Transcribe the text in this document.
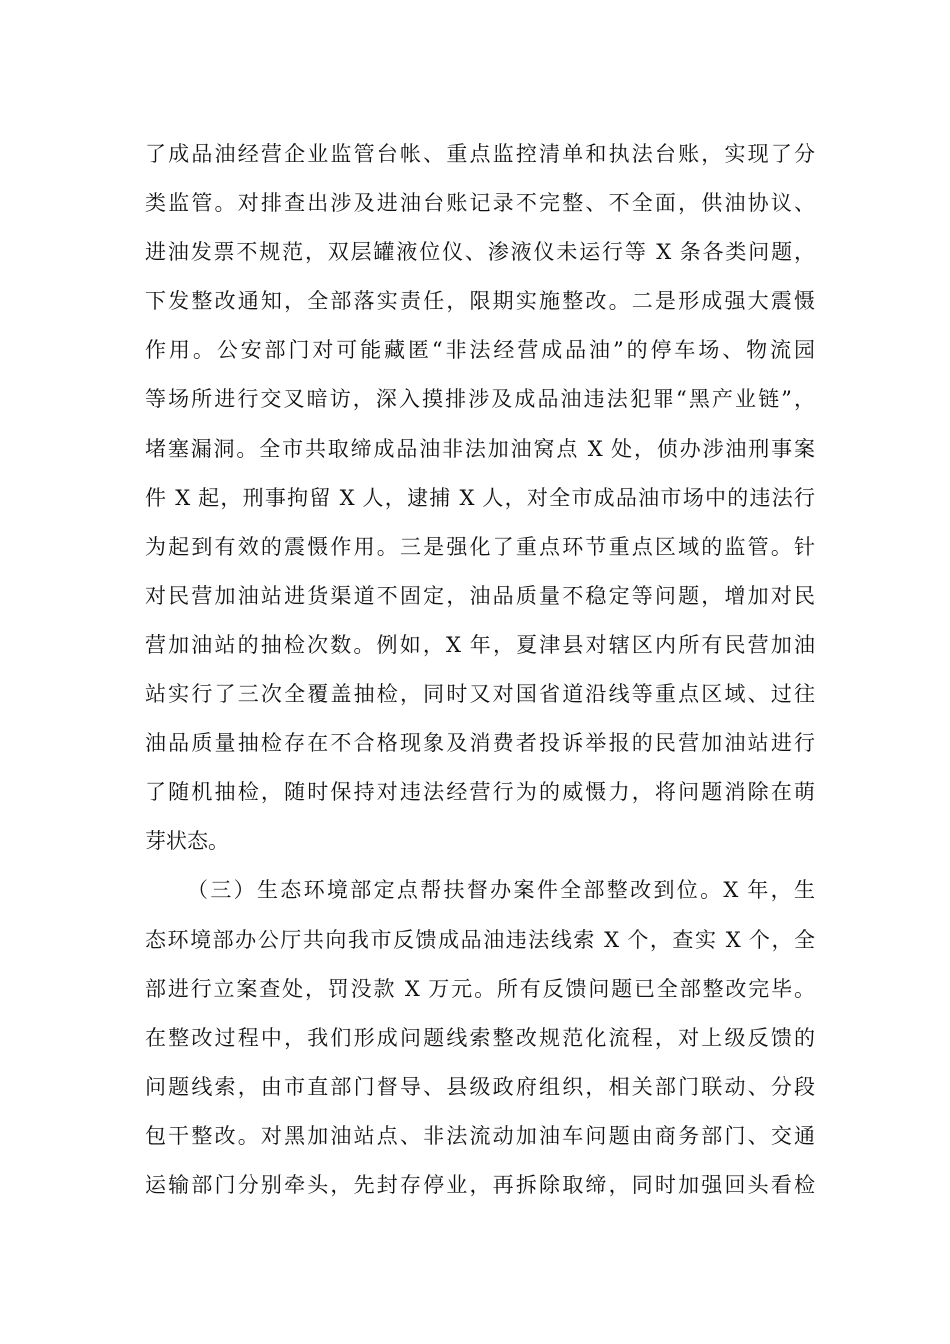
了成品油经营企业监管台帐、重点监控清单和执法台账，实现了分
类监管。对排查出涉及进油台账记录不完整、不全面，供油协议、
进油发票不规范，双层罐液位仪、渗液仪未运行等 X 条各类问题，
下发整改通知，全部落实责任，限期实施整改。二是形成强大震慑
作用。公安部门对可能藏匿“非法经营成品油”的停车场、物流园
等场所进行交叉暗访，深入摸排涉及成品油违法犯罪“黑产业链”，
堵塞漏洞。全市共取缔成品油非法加油窝点 X 处，侦办涉油刑事案
件 X 起，刑事拘留 X 人，逮捕 X 人，对全市成品油市场中的违法行
为起到有效的震慑作用。三是强化了重点环节重点区域的监管。针
对民营加油站进货渠道不固定，油品质量不稳定等问题，增加对民
营加油站的抽检次数。例如，X 年，夏津县对辖区内所有民营加油
站实行了三次全覆盖抽检，同时又对国省道沿线等重点区域、过往
油品质量抽检存在不合格现象及消费者投诉举报的民营加油站进行
了随机抽检，随时保持对违法经营行为的威慑力，将问题消除在萌
芽状态。
（三）生态环境部定点帮扶督办案件全部整改到位。X 年，生
态环境部办公厅共向我市反馈成品油违法线索 X 个，查实 X 个，全
部进行立案查处，罚没款 X 万元。所有反馈问题已全部整改完毕。
在整改过程中，我们形成问题线索整改规范化流程，对上级反馈的
问题线索，由市直部门督导、县级政府组织，相关部门联动、分段
包干整改。对黑加油站点、非法流动加油车问题由商务部门、交通
运输部门分别牵头，先封存停业，再拆除取缔，同时加强回头看检
